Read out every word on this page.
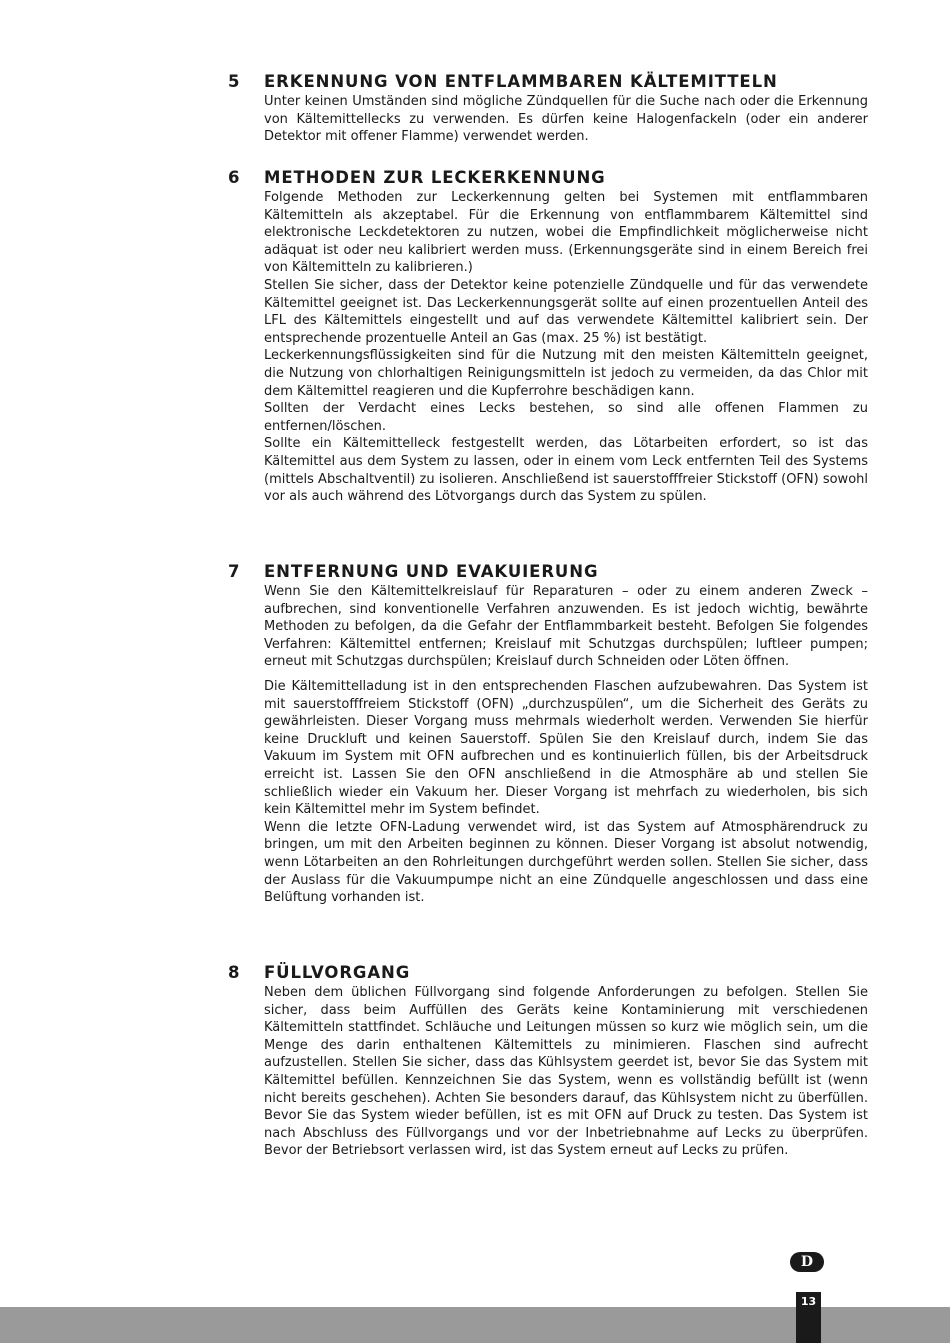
5	ERKENNUNG VON ENTFLAMMBAREN KÄLTEMITTELN

Unter keinen Umständen sind mögliche Zündquellen für die Suche nach oder die Erkennung von Kältemittellecks zu verwenden. Es dürfen keine Halogenfackeln (oder ein anderer Detektor mit offener Flamme) verwendet werden.

6	METHODEN ZUR LECKERKENNUNG

Folgende Methoden zur Leckerkennung gelten bei Systemen mit entflammbaren Kältemitteln als akzeptabel. Für die Erkennung von entflammbarem Kältemittel sind elektronische Leckdetektoren zu nutzen, wobei die Empfindlichkeit möglicherweise nicht adäquat ist oder neu kalibriert werden muss. (Erkennungsgeräte sind in einem Bereich frei von Kältemitteln zu kalibrieren.)

Stellen Sie sicher, dass der Detektor keine potenzielle Zündquelle und für das verwendete Kältemittel geeignet ist. Das Leckerkennungsgerät sollte auf einen prozentuellen Anteil des LFL des Kältemittels eingestellt und auf das verwendete Kältemittel kalibriert sein. Der entsprechende prozentuelle Anteil an Gas (max. 25 %) ist bestätigt.

Leckerkennungsflüssigkeiten sind für die Nutzung mit den meisten Kältemitteln geeignet, die Nutzung von chlorhaltigen Reinigungsmitteln ist jedoch zu vermeiden, da das Chlor mit dem Kältemittel reagieren und die Kupferrohre beschädigen kann.

Sollten der Verdacht eines Lecks bestehen, so sind alle offenen Flammen zu entfernen/löschen.

Sollte ein Kältemittelleck festgestellt werden, das Lötarbeiten erfordert, so ist das Kältemittel aus dem System zu lassen, oder in einem vom Leck entfernten Teil des Systems (mittels Abschaltventil) zu isolieren. Anschließend ist sauerstofffreier Stickstoff (OFN) sowohl vor als auch während des Lötvorgangs durch das System zu spülen.

7	ENTFERNUNG UND EVAKUIERUNG

Wenn Sie den Kältemittelkreislauf für Reparaturen – oder zu einem anderen Zweck – aufbrechen, sind konventionelle Verfahren anzuwenden. Es ist jedoch wichtig, bewährte Methoden zu befolgen, da die Gefahr der Entflammbarkeit besteht. Befolgen Sie folgendes Verfahren: Kältemittel entfernen; Kreislauf mit Schutzgas durchspülen; luftleer pumpen; erneut mit Schutzgas durchspülen; Kreislauf durch Schneiden oder Löten öffnen.

Die Kältemittelladung ist in den entsprechenden Flaschen aufzubewahren. Das System ist mit sauerstofffreiem Stickstoff (OFN) „durchzuspülen“, um die Sicherheit des Geräts zu gewährleisten. Dieser Vorgang muss mehrmals wiederholt werden. Verwenden Sie hierfür keine Druckluft und keinen Sauerstoff. Spülen Sie den Kreislauf durch, indem Sie das Vakuum im System mit OFN aufbrechen und es kontinuierlich füllen, bis der Arbeitsdruck erreicht ist. Lassen Sie den OFN anschließend in die Atmosphäre ab und stellen Sie schließlich wieder ein Vakuum her. Dieser Vorgang ist mehrfach zu wiederholen, bis sich kein Kältemittel mehr im System befindet.

Wenn die letzte OFN-Ladung verwendet wird, ist das System auf Atmosphärendruck zu bringen, um mit den Arbeiten beginnen zu können. Dieser Vorgang ist absolut notwendig, wenn Lötarbeiten an den Rohrleitungen durchgeführt werden sollen. Stellen Sie sicher, dass der Auslass für die Vakuumpumpe nicht an eine Zündquelle angeschlossen und dass eine Belüftung vorhanden ist.

8	FÜLLVORGANG

Neben dem üblichen Füllvorgang sind folgende Anforderungen zu befolgen. Stellen Sie sicher, dass beim Auffüllen des Geräts keine Kontaminierung mit verschiedenen Kältemitteln stattfindet. Schläuche und Leitungen müssen so kurz wie möglich sein, um die Menge des darin enthaltenen Kältemittels zu minimieren. Flaschen sind aufrecht aufzustellen. Stellen Sie sicher, dass das Kühlsystem geerdet ist, bevor Sie das System mit Kältemittel befüllen. Kennzeichnen Sie das System, wenn es vollständig befüllt ist (wenn nicht bereits geschehen). Achten Sie besonders darauf, das Kühlsystem nicht zu überfüllen. Bevor Sie das System wieder befüllen, ist es mit OFN auf Druck zu testen. Das System ist nach Abschluss des Füllvorgangs und vor der Inbetriebnahme auf Lecks zu überprüfen. Bevor der Betriebsort verlassen wird, ist das System erneut auf Lecks zu prüfen.

D
13
